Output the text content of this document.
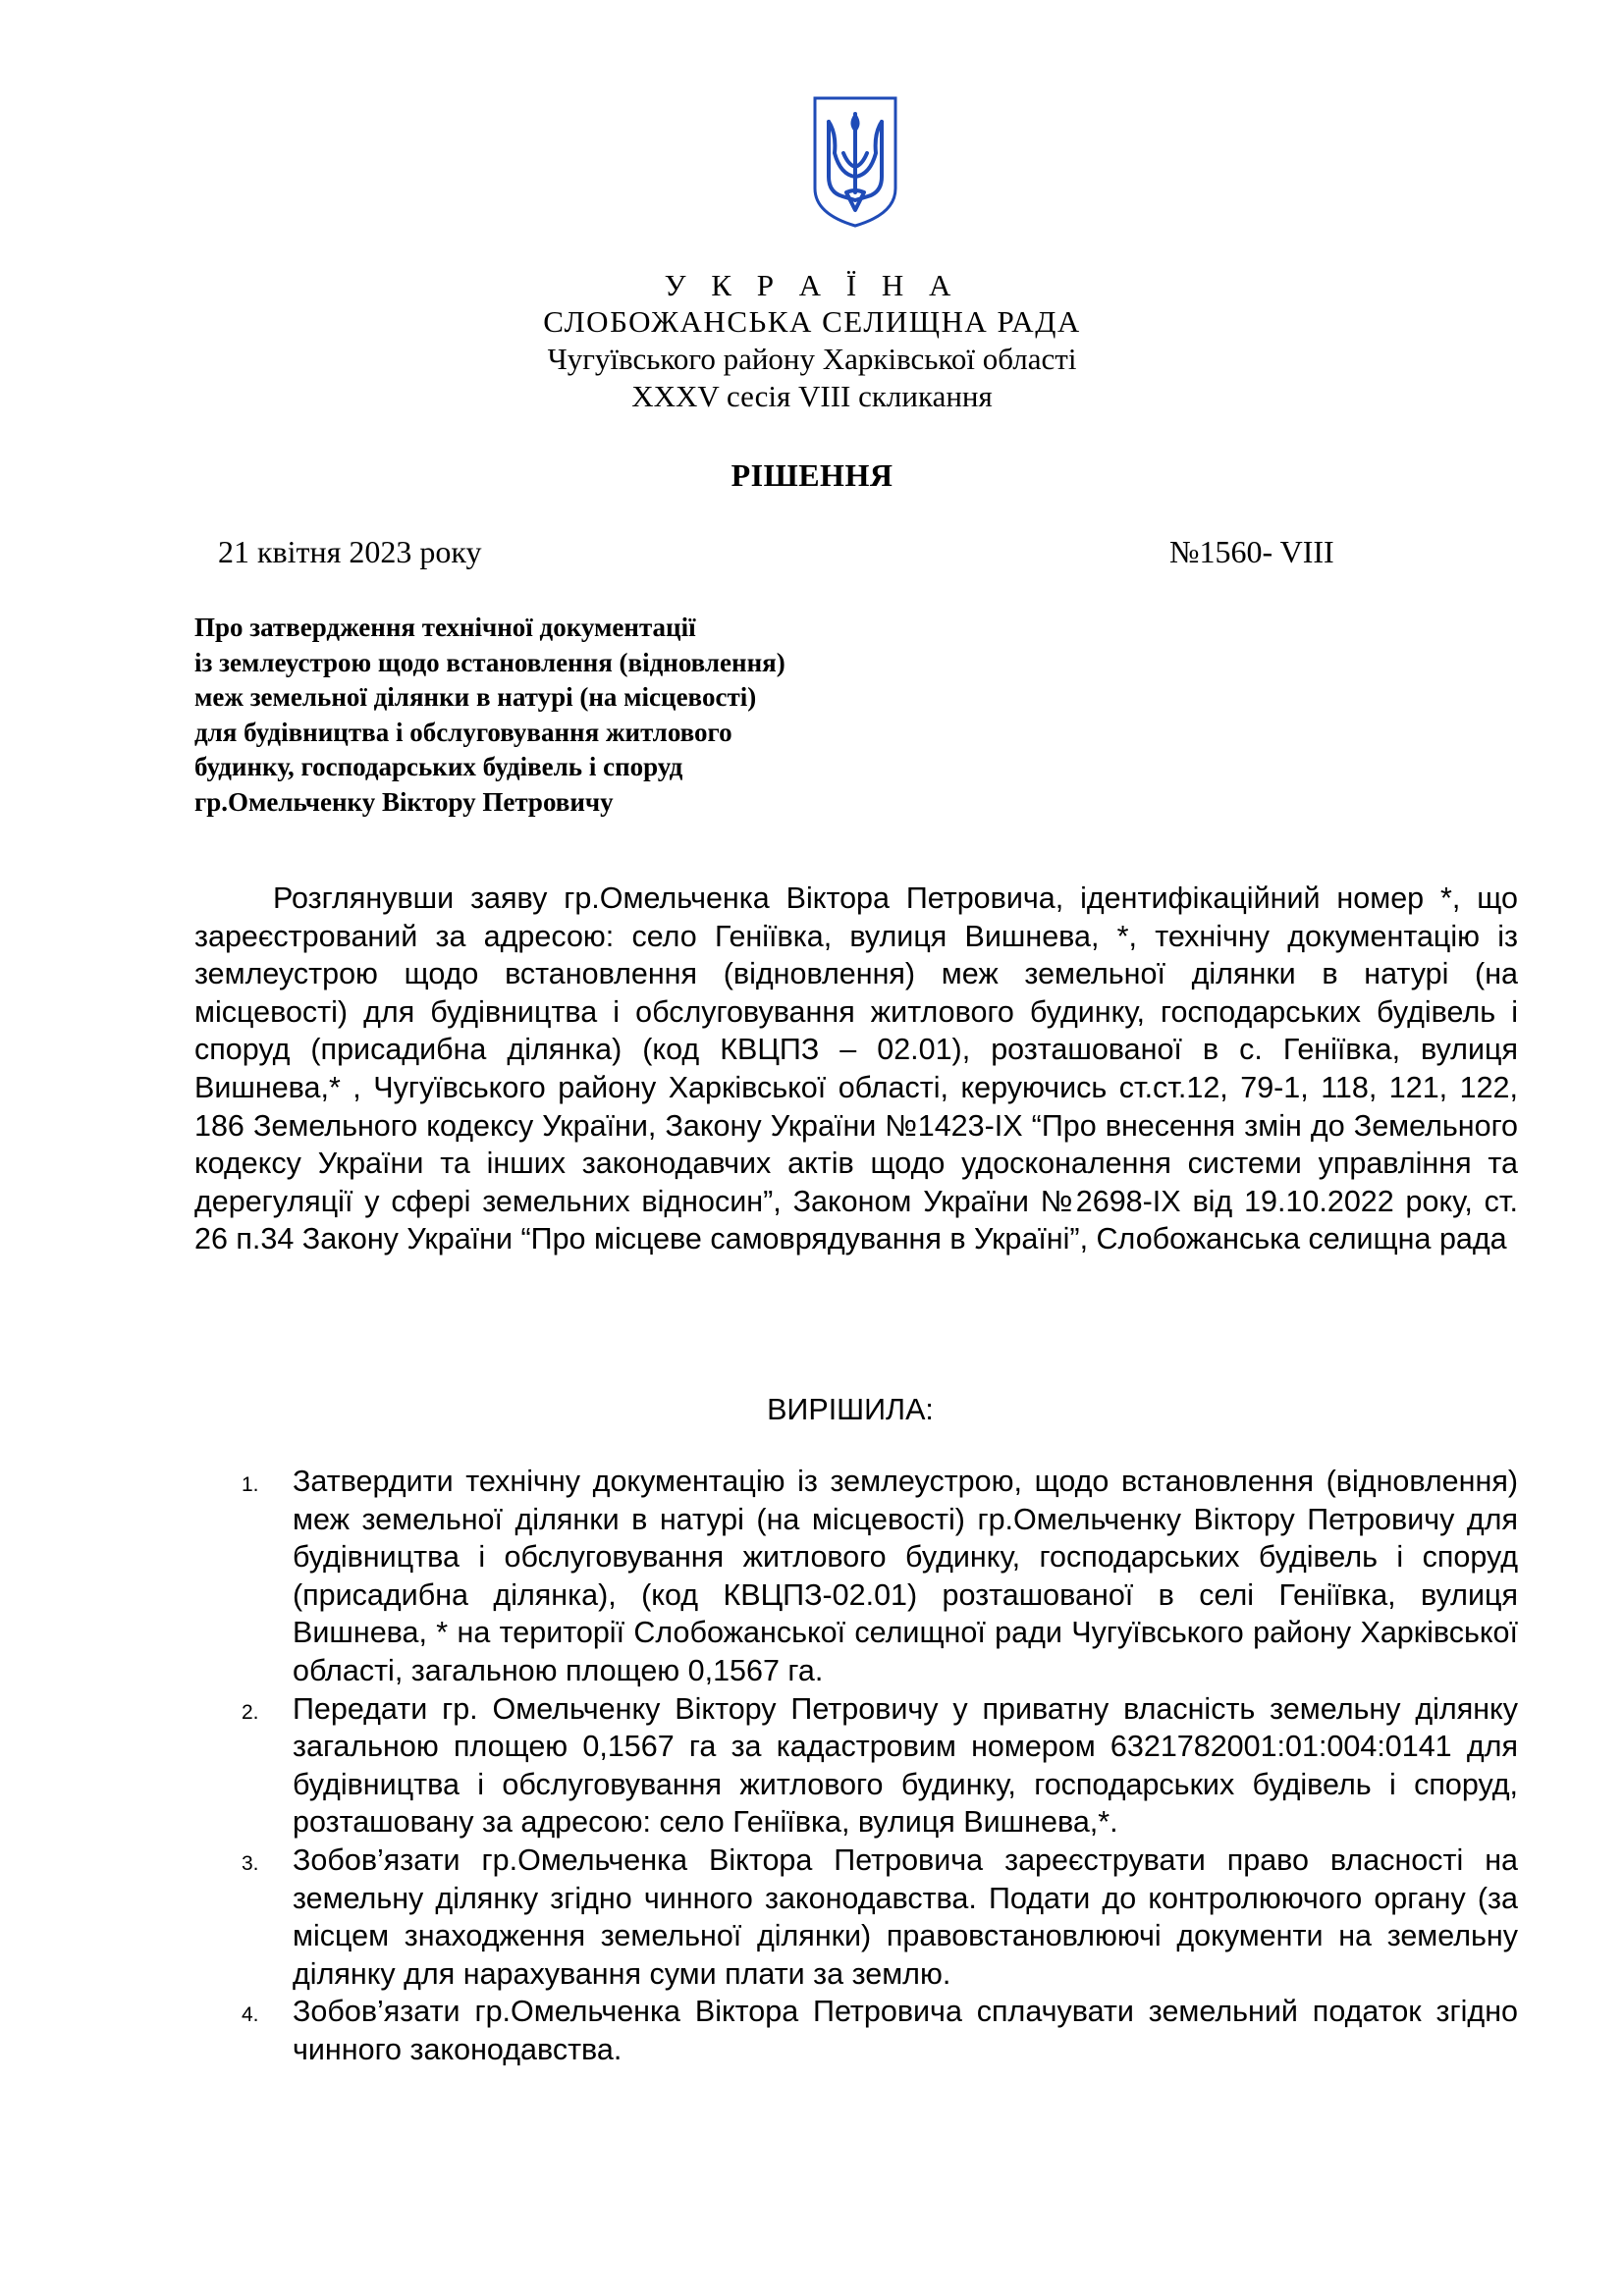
У К Р А Ї Н А
СЛОБОЖАНСЬКА СЕЛИЩНА РАДА
Чугуївського району Харківської області
XXXV сесія VIII скликання
РІШЕННЯ
21 квітня 2023 року	№1560- VIII
Про затвердження технічної документації
із землеустрою щодо встановлення (відновлення)
меж земельної ділянки в натурі (на місцевості)
для будівництва і обслуговування житлового
будинку, господарських будівель і споруд
гр.Омельченку Віктору Петровичу
Розглянувши заяву гр.Омельченка Віктора Петровича, ідентифікаційний номер *, що зареєстрований за адресою: село Геніївка, вулиця Вишнева, *, технічну документацію із землеустрою щодо встановлення (відновлення) меж земельної ділянки в натурі (на місцевості) для будівництва і обслуговування житлового будинку, господарських будівель і споруд (присадибна ділянка) (код КВЦПЗ – 02.01), розташованої в с. Геніївка, вулиця Вишнева,* , Чугуївського району Харківської області, керуючись ст.ст.12, 79-1, 118, 121, 122, 186 Земельного кодексу України, Закону України №1423-IX “Про внесення змін до Земельного кодексу України та інших законодавчих актів щодо удосконалення системи управління та дерегуляції у сфері земельних відносин”, Законом України №2698-IX від 19.10.2022 року, ст. 26 п.34 Закону України “Про місцеве самоврядування в Україні”, Слобожанська селищна рада
ВИРІШИЛА:
1. Затвердити технічну документацію із землеустрою, щодо встановлення (відновлення) меж земельної ділянки в натурі (на місцевості) гр.Омельченку Віктору Петровичу для будівництва і обслуговування житлового будинку, господарських будівель і споруд (присадибна ділянка), (код КВЦПЗ-02.01) розташованої в селі Геніївка, вулиця Вишнева, * на території Слобожанської селищної ради Чугуївського району Харківської області, загальною площею 0,1567 га.
2. Передати гр. Омельченку Віктору Петровичу у приватну власність земельну ділянку загальною площею 0,1567 га за кадастровим номером 6321782001:01:004:0141 для будівництва і обслуговування житлового будинку, господарських будівель і споруд, розташовану за адресою: село Геніївка, вулиця Вишнева,*.
3. Зобов’язати гр.Омельченка Віктора Петровича зареєструвати право власності на земельну ділянку згідно чинного законодавства. Подати до контролюючого органу (за місцем знаходження земельної ділянки) правовстановлюючі документи на земельну ділянку для нарахування суми плати за землю.
4. Зобов’язати гр.Омельченка Віктора Петровича сплачувати земельний податок згідно чинного законодавства.
